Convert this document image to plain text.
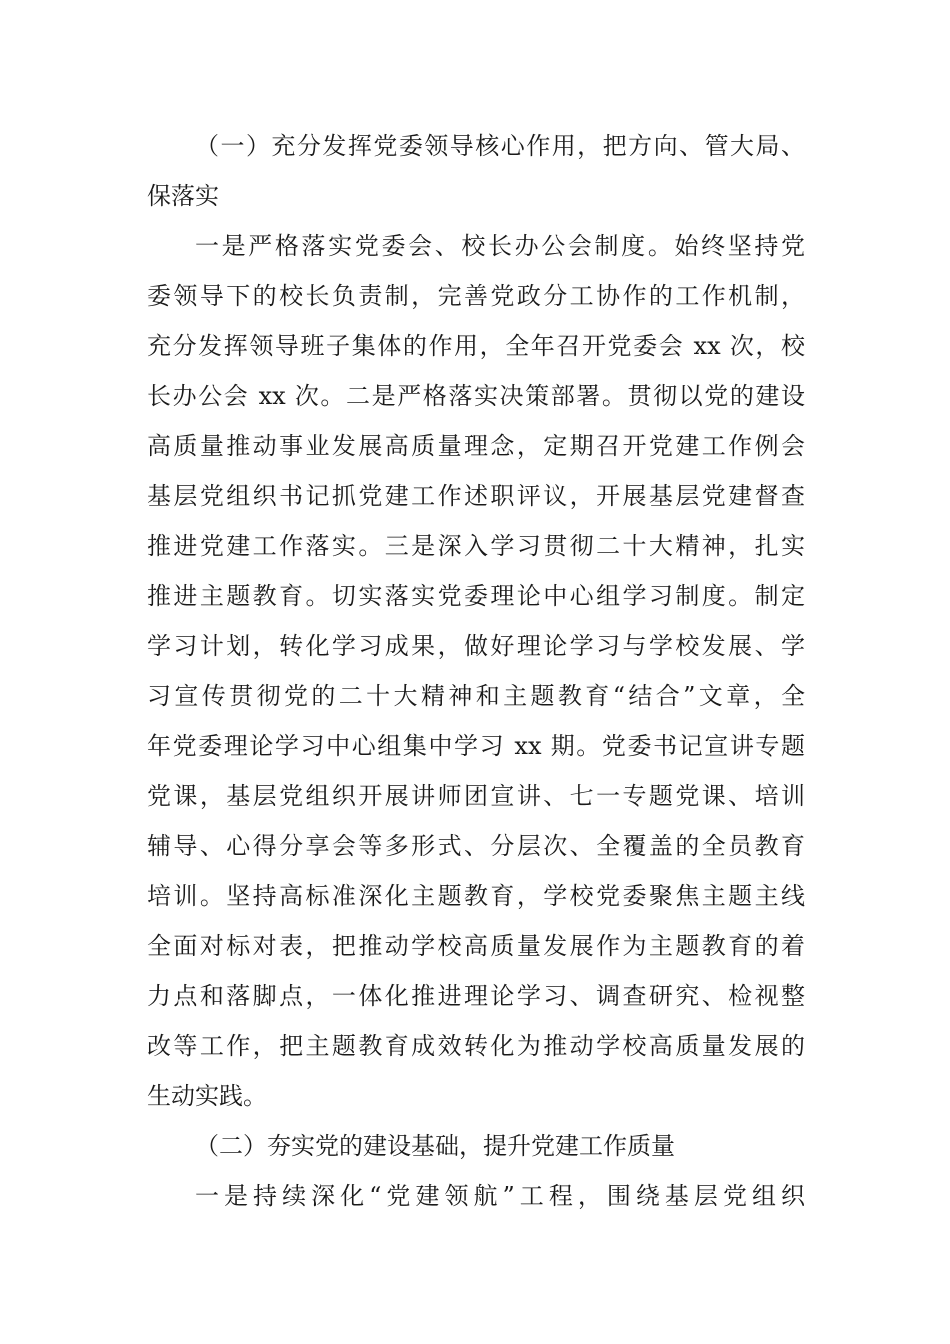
（一）充分发挥党委领导核心作用，把方向、管大局、
保落实
一是严格落实党委会、校长办公会制度。始终坚持党
委领导下的校长负责制，完善党政分工协作的工作机制，
充分发挥领导班子集体的作用，全年召开党委会 xx 次，校
长办公会 xx 次。二是严格落实决策部署。贯彻以党的建设
高质量推动事业发展高质量理念，定期召开党建工作例会
基层党组织书记抓党建工作述职评议，开展基层党建督查
推进党建工作落实。三是深入学习贯彻二十大精神，扎实
推进主题教育。切实落实党委理论中心组学习制度。制定
学习计划，转化学习成果，做好理论学习与学校发展、学
习宣传贯彻党的二十大精神和主题教育“结合”文章，全
年党委理论学习中心组集中学习 xx 期。党委书记宣讲专题
党课，基层党组织开展讲师团宣讲、七一专题党课、培训
辅导、心得分享会等多形式、分层次、全覆盖的全员教育
培训。坚持高标准深化主题教育，学校党委聚焦主题主线
全面对标对表，把推动学校高质量发展作为主题教育的着
力点和落脚点，一体化推进理论学习、调查研究、检视整
改等工作，把主题教育成效转化为推动学校高质量发展的
生动实践。
（二）夯实党的建设基础，提升党建工作质量
一是持续深化“党建领航”工程，围绕基层党组织
